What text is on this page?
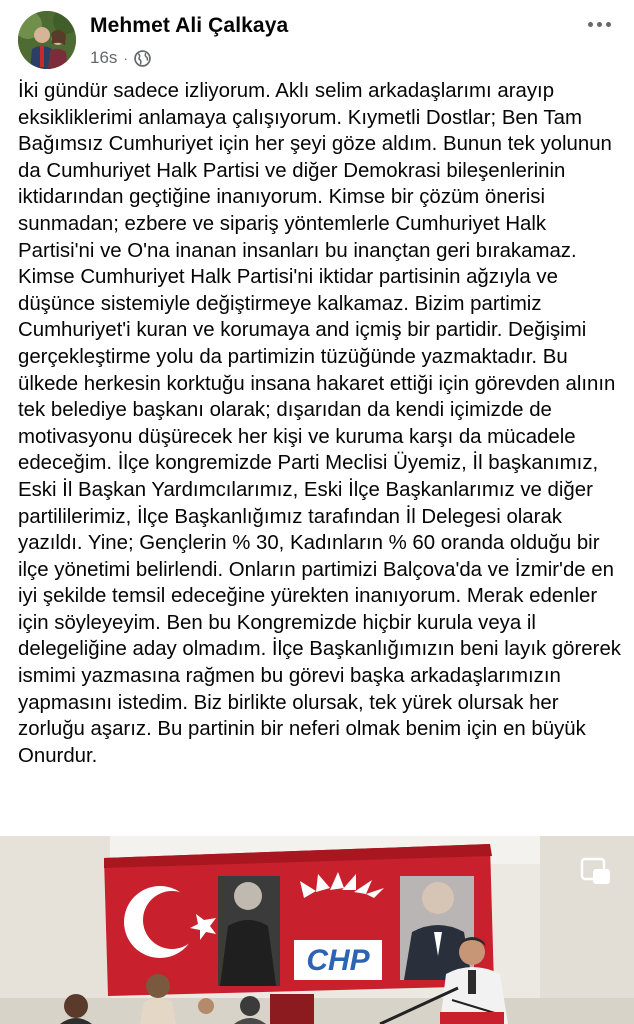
Mehmet Ali Çalkaya
16s ·
İki gündür sadece izliyorum. Aklı selim arkadaşlarımı arayıp eksikliklerimi anlamaya çalışıyorum. Kıymetli Dostlar; Ben Tam Bağımsız Cumhuriyet için her şeyi göze aldım. Bunun tek yolunun da Cumhuriyet Halk Partisi ve diğer Demokrasi bileşenlerinin iktidarından geçtiğine inanıyorum. Kimse bir çözüm önerisi sunmadan; ezbere ve sipariş yöntemlerle Cumhuriyet Halk Partisi'ni ve O'na inanan insanları bu inançtan geri bırakamaz. Kimse Cumhuriyet Halk Partisi'ni iktidar partisinin ağzıyla ve düşünce sistemiyle değiştirmeye kalkamaz. Bizim partimiz Cumhuriyet'i kuran ve korumaya and içmiş bir partidir. Değişimi gerçekleştirme yolu da partimizin tüzüğünde yazmaktadır. Bu ülkede herkesin korktuğu insana hakaret ettiği için görevden alının tek belediye başkanı olarak; dışarıdan da kendi içimizde de motivasyonu düşürecek her kişi ve kuruma karşı da mücadele edeceğim. İlçe kongremizde Parti Meclisi Üyemiz, İl başkanımız, Eski İl Başkan Yardımcılarımız, Eski İlçe Başkanlarımız ve diğer partililerimiz, İlçe Başkanlığımız tarafından İl Delegesi olarak yazıldı. Yine; Gençlerin % 30, Kadınların % 60 oranda olduğu bir ilçe yönetimi belirlendi. Onların partimizi Balçova'da ve İzmir'de en iyi şekilde temsil edeceğine yürekten inanıyorum. Merak edenler için söyleyeyim. Ben bu Kongremizde hiçbir kurula veya il delegeliğine aday olmadım. İlçe Başkanlığımızın beni layık görerek ismimi yazmasına rağmen bu görevi başka arkadaşlarımızın yapmasını istedim. Biz birlikte olursak, tek yürek olursak her zorluğu aşarız. Bu partinin bir neferi olmak benim için en büyük Onurdur.
CHP
